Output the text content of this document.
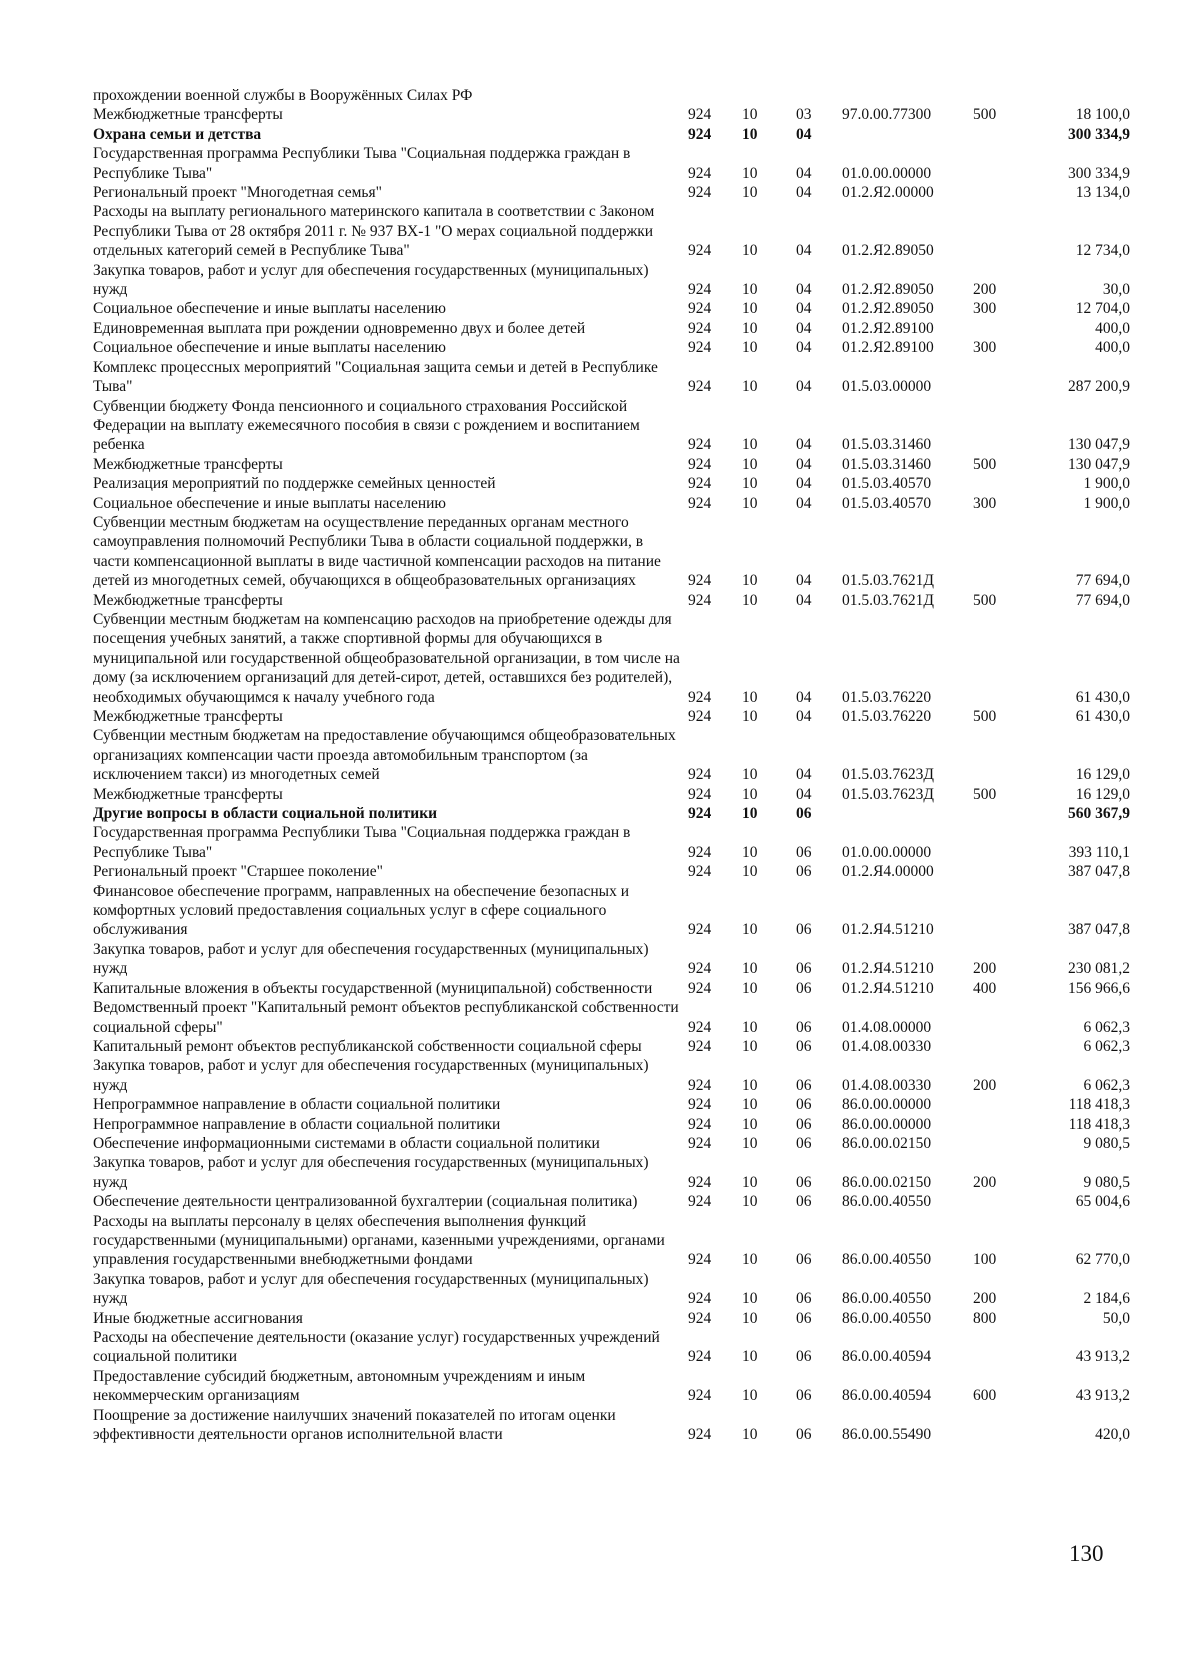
прохождении военной службы в Вооружённых Силах РФ						
Межбюджетные трансферты	924	10	03	97.0.00.77300	500	18 100,0
Охрана семьи и детства	924	10	04			300 334,9
Государственная программа Республики Тыва "Социальная поддержка граждан в Республике Тыва"	924	10	04	01.0.00.00000		300 334,9
Региональный проект "Многодетная семья"	924	10	04	01.2.Я2.00000		13 134,0
Расходы на выплату регионального материнского капитала в соответствии с Законом Республики Тыва от 28 октября 2011 г. № 937 ВХ-1 "О мерах социальной поддержки отдельных категорий семей в Республике Тыва"	924	10	04	01.2.Я2.89050		12 734,0
Закупка товаров, работ и услуг для обеспечения государственных (муниципальных) нужд	924	10	04	01.2.Я2.89050	200	30,0
Социальное обеспечение и иные выплаты населению	924	10	04	01.2.Я2.89050	300	12 704,0
Единовременная выплата при рождении одновременно двух и более детей	924	10	04	01.2.Я2.89100		400,0
Социальное обеспечение и иные выплаты населению	924	10	04	01.2.Я2.89100	300	400,0
Комплекс процессных мероприятий "Социальная защита семьи и детей в Республике Тыва"	924	10	04	01.5.03.00000		287 200,9
Субвенции бюджету Фонда пенсионного и социального страхования Российской Федерации на выплату ежемесячного пособия в связи с рождением и воспитанием ребенка	924	10	04	01.5.03.31460		130 047,9
Межбюджетные трансферты	924	10	04	01.5.03.31460	500	130 047,9
Реализация мероприятий по поддержке семейных ценностей	924	10	04	01.5.03.40570		1 900,0
Социальное обеспечение и иные выплаты населению	924	10	04	01.5.03.40570	300	1 900,0
Субвенции местным бюджетам на осуществление переданных органам местного самоуправления полномочий Республики Тыва в области социальной поддержки, в части компенсационной выплаты в виде частичной компенсации расходов на питание детей из многодетных семей, обучающихся в общеобразовательных организациях	924	10	04	01.5.03.7621Д		77 694,0
Межбюджетные трансферты	924	10	04	01.5.03.7621Д	500	77 694,0
Субвенции местным бюджетам на компенсацию расходов на приобретение одежды для посещения учебных занятий, а также спортивной формы для обучающихся в муниципальной или государственной общеобразовательной организации, в том числе на дому (за исключением организаций для детей-сирот, детей, оставшихся без родителей), необходимых обучающимся к началу учебного года	924	10	04	01.5.03.76220		61 430,0
Межбюджетные трансферты	924	10	04	01.5.03.76220	500	61 430,0
Субвенции местным бюджетам на предоставление обучающимся общеобразовательных организациях компенсации части проезда автомобильным транспортом (за исключением такси) из многодетных семей	924	10	04	01.5.03.7623Д		16 129,0
Межбюджетные трансферты	924	10	04	01.5.03.7623Д	500	16 129,0
Другие вопросы в области социальной политики	924	10	06			560 367,9
Государственная программа Республики Тыва "Социальная поддержка граждан в Республике Тыва"	924	10	06	01.0.00.00000		393 110,1
Региональный проект "Старшее поколение"	924	10	06	01.2.Я4.00000		387 047,8
Финансовое обеспечение программ, направленных на обеспечение безопасных и комфортных условий предоставления социальных услуг в сфере социального обслуживания	924	10	06	01.2.Я4.51210		387 047,8
Закупка товаров, работ и услуг для обеспечения государственных (муниципальных) нужд	924	10	06	01.2.Я4.51210	200	230 081,2
Капитальные вложения в объекты государственной (муниципальной) собственности	924	10	06	01.2.Я4.51210	400	156 966,6
Ведомственный проект "Капитальный ремонт объектов республиканской собственности социальной сферы"	924	10	06	01.4.08.00000		6 062,3
Капитальный ремонт объектов республиканской собственности социальной сферы	924	10	06	01.4.08.00330		6 062,3
Закупка товаров, работ и услуг для обеспечения государственных (муниципальных) нужд	924	10	06	01.4.08.00330	200	6 062,3
Непрограммное направление в области социальной политики	924	10	06	86.0.00.00000		118 418,3
Непрограммное направление в области социальной политики	924	10	06	86.0.00.00000		118 418,3
Обеспечение информационными системами в области социальной политики	924	10	06	86.0.00.02150		9 080,5
Закупка товаров, работ и услуг для обеспечения государственных (муниципальных) нужд	924	10	06	86.0.00.02150	200	9 080,5
Обеспечение деятельности централизованной бухгалтерии (социальная политика)	924	10	06	86.0.00.40550		65 004,6
Расходы на выплаты персоналу в целях обеспечения выполнения функций государственными (муниципальными) органами, казенными учреждениями, органами управления государственными внебюджетными фондами	924	10	06	86.0.00.40550	100	62 770,0
Закупка товаров, работ и услуг для обеспечения государственных (муниципальных) нужд	924	10	06	86.0.00.40550	200	2 184,6
Иные бюджетные ассигнования	924	10	06	86.0.00.40550	800	50,0
Расходы на обеспечение деятельности (оказание услуг) государственных учреждений социальной политики	924	10	06	86.0.00.40594		43 913,2
Предоставление субсидий бюджетным, автономным учреждениям и иным некоммерческим организациям	924	10	06	86.0.00.40594	600	43 913,2
Поощрение за достижение наилучших значений показателей по итогам оценки эффективности деятельности органов исполнительной власти	924	10	06	86.0.00.55490		420,0
130
